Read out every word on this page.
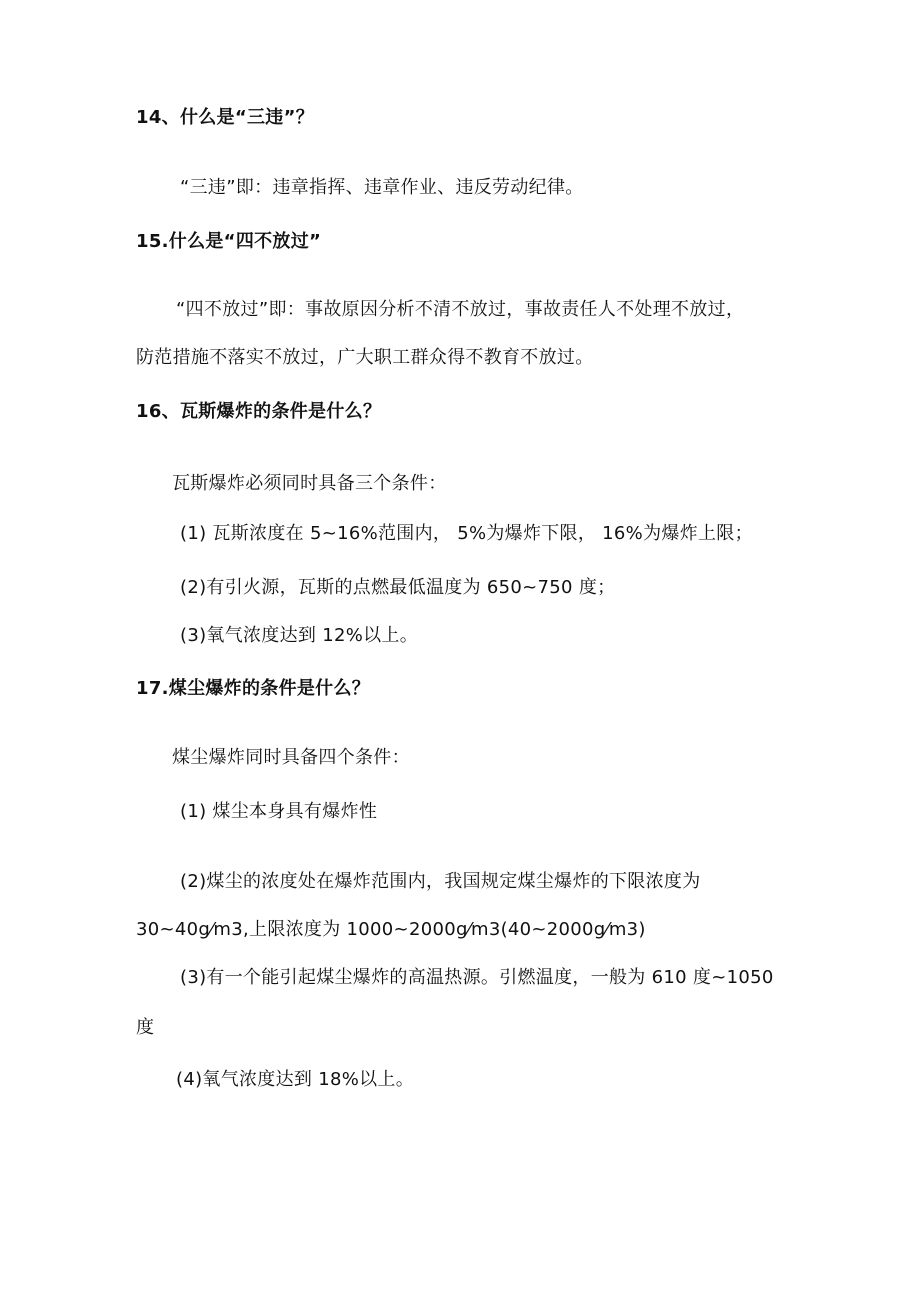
14、什么是“三违”？
“三违”即：违章指挥、违章作业、违反劳动纪律。
15.什么是“四不放过”
“四不放过”即：事故原因分析不清不放过，事故责任人不处理不放过，
防范措施不落实不放过，广大职工群众得不教育不放过。
16、瓦斯爆炸的条件是什么？
瓦斯爆炸必须同时具备三个条件：
(1) 瓦斯浓度在 5~16%范围内， 5%为爆炸下限， 16%为爆炸上限；
(2)有引火源，瓦斯的点燃最低温度为 650~750 度；
(3)氧气浓度达到 12%以上。
17.煤尘爆炸的条件是什么？
煤尘爆炸同时具备四个条件：
(1) 煤尘本身具有爆炸性
(2)煤尘的浓度处在爆炸范围内，我国规定煤尘爆炸的下限浓度为
30~40g⁄m3,上限浓度为 1000~2000g⁄m3(40~2000g⁄m3)
(3)有一个能引起煤尘爆炸的高温热源。引燃温度，一般为 610 度~1050
度
(4)氧气浓度达到 18%以上。
